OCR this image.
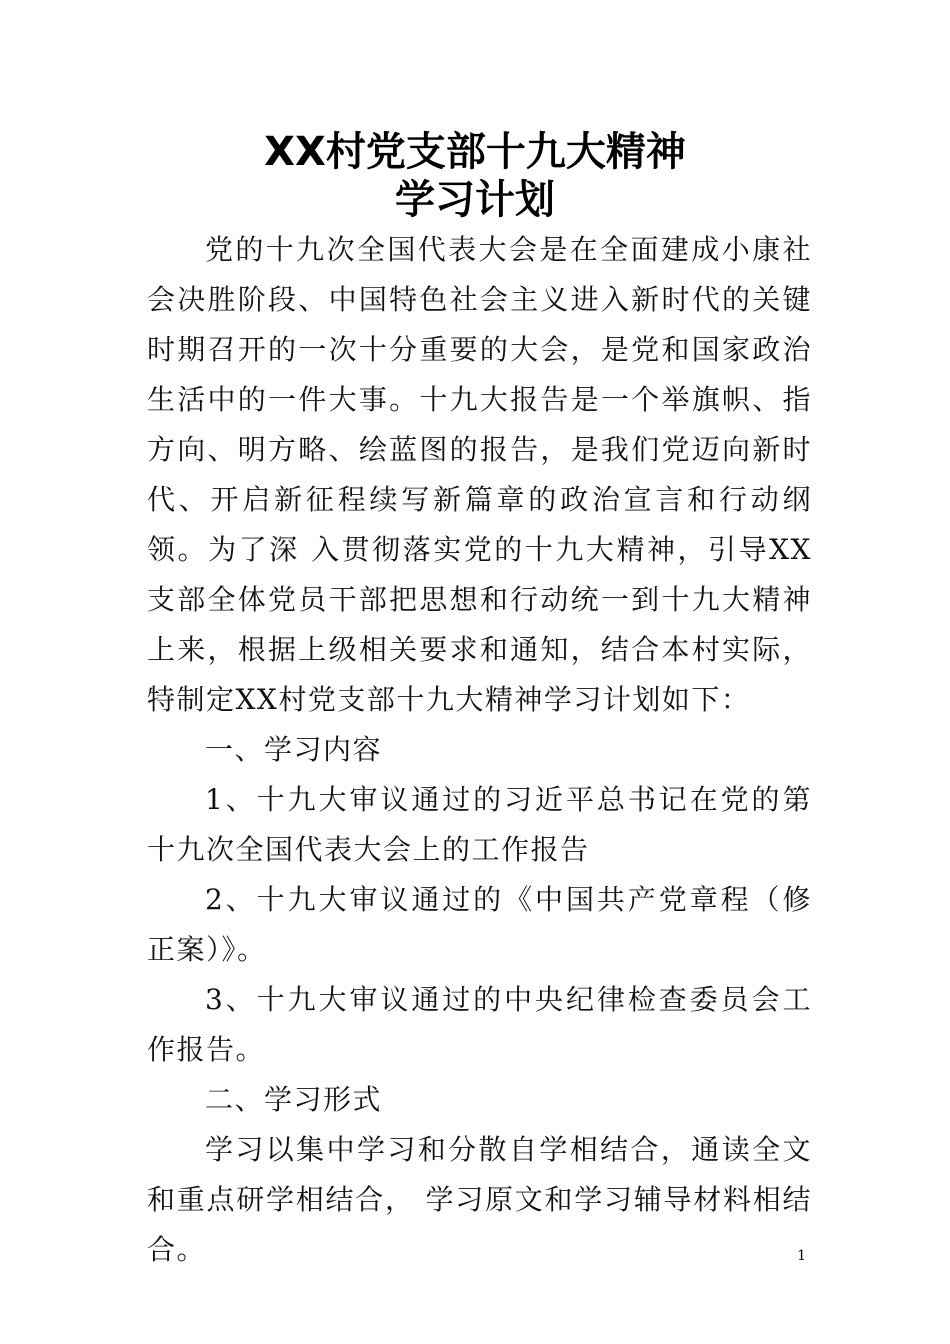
XX村党支部十九大精神
学习计划

党的十九次全国代表大会是在全面建成小康社会决胜阶段、中国特色社会主义进入新时代的关键时期召开的一次十分重要的大会，是党和国家政治生活中的一件大事。十九大报告是一个举旗帜、指方向、明方略、绘蓝图的报告，是我们党迈向新时代、开启新征程续写新篇章的政治宣言和行动纲领。为了深 入贯彻落实党的十九大精神，引导XX支部全体党员干部把思想和行动统一到十九大精神上来，根据上级相关要求和通知，结合本村实际，特制定XX村党支部十九大精神学习计划如下：

一、学习内容

1、十九大审议通过的习近平总书记在党的第十九次全国代表大会上的工作报告

2、十九大审议通过的《中国共产党章程（修正案）》。

3、十九大审议通过的中央纪律检查委员会工作报告。

二、学习形式

学习以集中学习和分散自学相结合，通读全文和重点研学相结合， 学习原文和学习辅导材料相结合。	1
